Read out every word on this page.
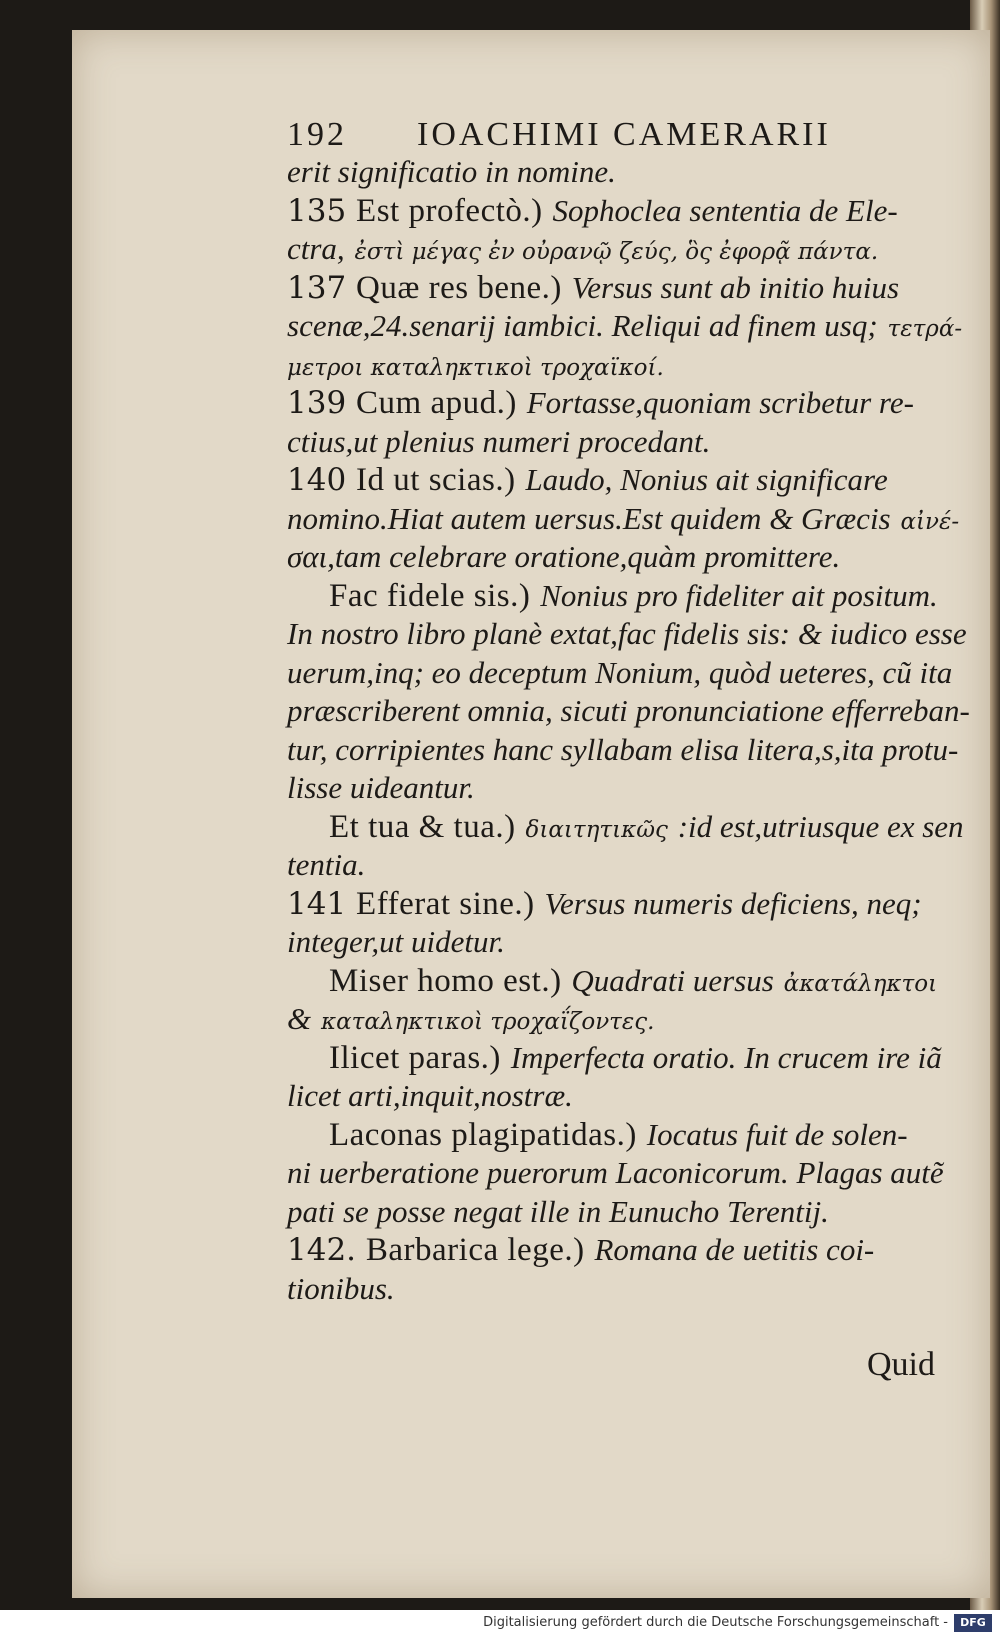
192 IOACHIMI CAMERARII
erit significatio in nomine.
135 Est profectò.) Sophoclea sententia de Ele-
ctra, ἐστὶ μέγας ἐν οὐρανῷ ζεύς, ὃς ἐφορᾷ πάντα.
137 Quæ res bene.) Versus sunt ab initio huius
scenæ,24.senarij iambici. Reliqui ad finem usq; τετρά-
μετροι καταληκτικοὶ τροχαϊκοί.
139 Cum apud.) Fortasse,quoniam scribetur re-
ctius,ut plenius numeri procedant.
140 Id ut scias.) Laudo, Nonius ait significare
nomino.Hiat autem uersus.Est quidem & Græcis αἰνέ-
σαι,tam celebrare oratione,quàm promittere.
Fac fidele sis.) Nonius pro fideliter ait positum.
In nostro libro planè extat,fac fidelis sis: & iudico esse
uerum,inq; eo deceptum Nonium, quòd ueteres, cũ ita
præscriberent omnia, sicuti pronunciatione efferreban-
tur, corripientes hanc syllabam elisa litera,s,ita protu-
lisse uideantur.
Et tua & tua.) διαιτητικῶς :id est,utriusque ex sen
tentia.
141 Efferat sine.) Versus numeris deficiens, neq;
integer,ut uidetur.
Miser homo est.) Quadrati uersus ἀκατάληκτοι
& καταληκτικοὶ τροχαΐζοντες.
Ilicet paras.) Imperfecta oratio. In crucem ire iã
licet arti,inquit,nostræ.
Laconas plagipatidas.) Iocatus fuit de solen-
ni uerberatione puerorum Laconicorum. Plagas autẽ
pati se posse negat ille in Eunucho Terentij.
142. Barbarica lege.) Romana de uetitis coi-
tionibus.
Quid
Digitalisierung gefördert durch die Deutsche Forschungsgemeinschaft -	DFG
